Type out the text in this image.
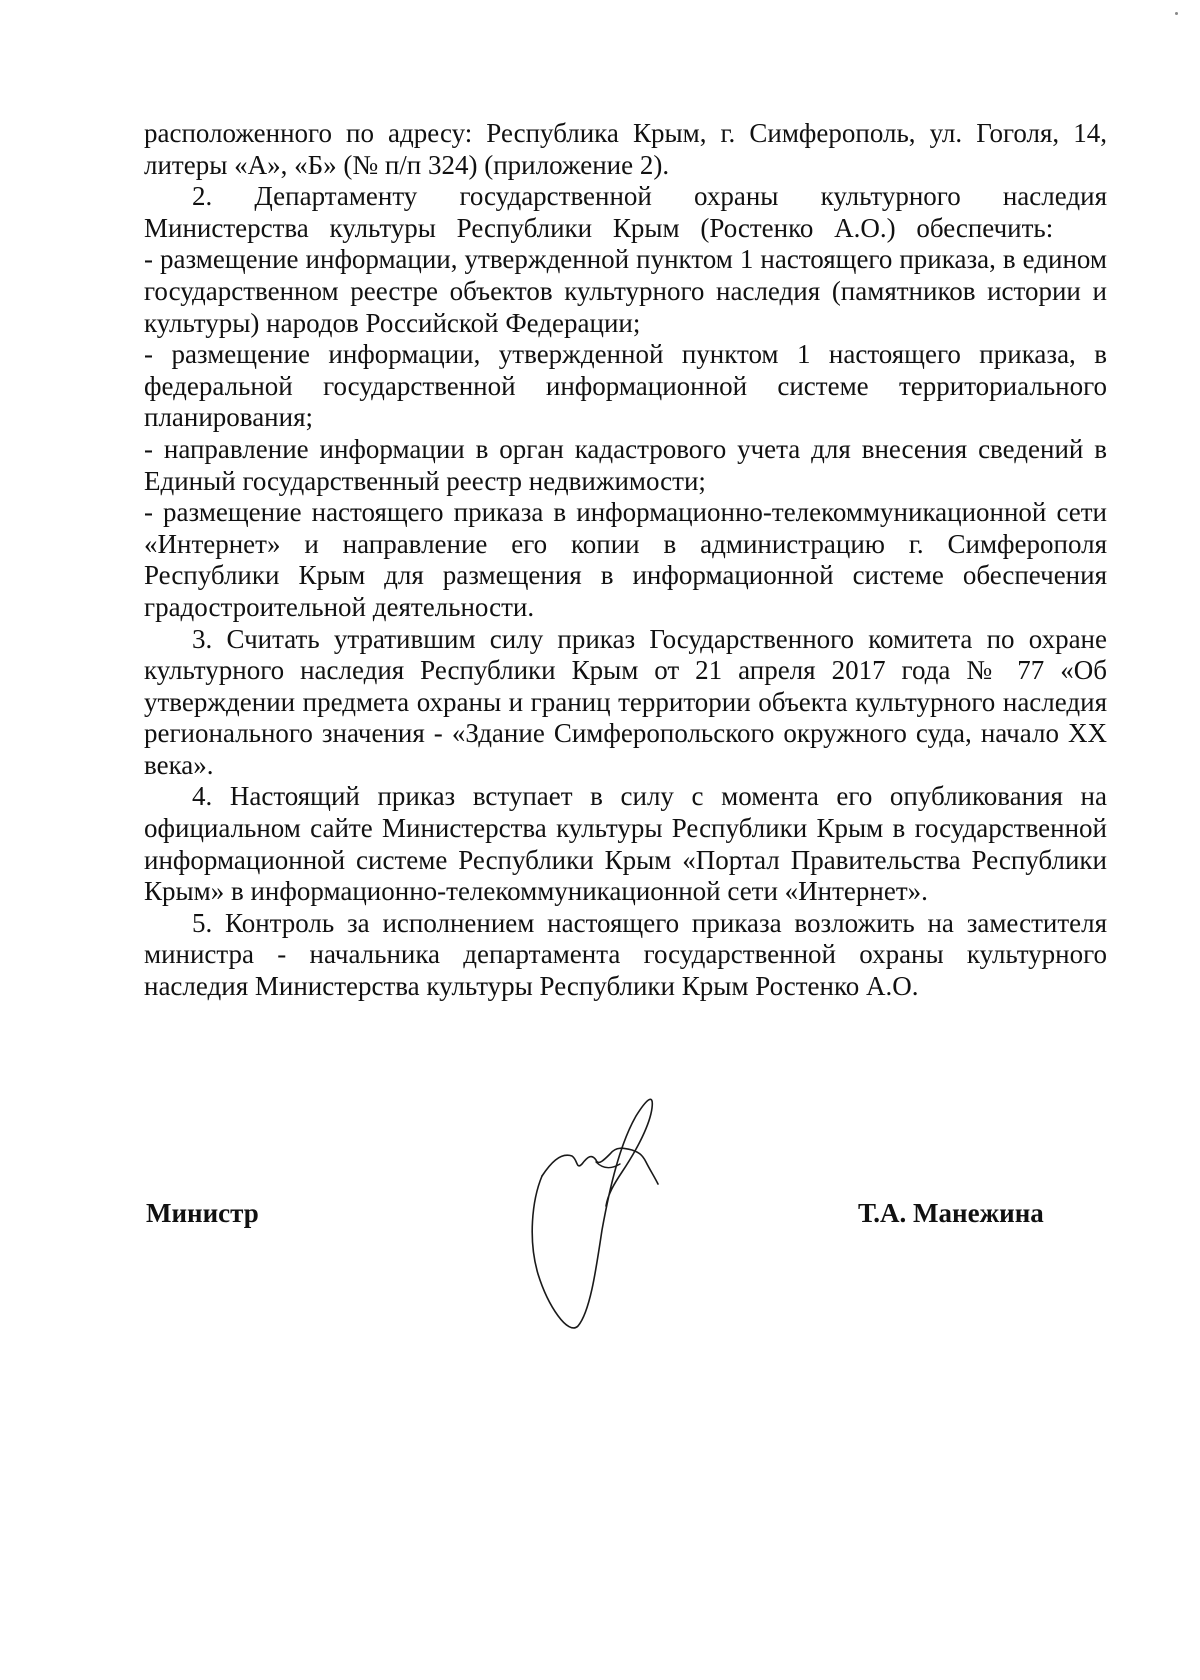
расположенного по адресу: Республика Крым, г. Симферополь, ул. Гоголя, 14, литеры «А», «Б» (№ п/п 324) (приложение 2).

2. Департаменту государственной охраны культурного наследия Министерства культуры Республики Крым (Ростенко А.О.) обеспечить:

- размещение информации, утвержденной пунктом 1 настоящего приказа, в едином государственном реестре объектов культурного наследия (памятников истории и культуры) народов Российской Федерации;

- размещение информации, утвержденной пунктом 1 настоящего приказа, в федеральной государственной информационной системе территориального планирования;

- направление информации в орган кадастрового учета для внесения сведений в Единый государственный реестр недвижимости;

- размещение настоящего приказа в информационно-телекоммуникационной сети «Интернет» и направление его копии в администрацию г. Симферополя Республики Крым для размещения в информационной системе обеспечения градостроительной деятельности.

3. Считать утратившим силу приказ Государственного комитета по охране культурного наследия Республики Крым от 21 апреля 2017 года № 77 «Об утверждении предмета охраны и границ территории объекта культурного наследия регионального значения - «Здание Симферопольского окружного суда, начало XX века».

4. Настоящий приказ вступает в силу с момента его опубликования на официальном сайте Министерства культуры Республики Крым в государственной информационной системе Республики Крым «Портал Правительства Республики Крым» в информационно-телекоммуникационной сети «Интернет».

5. Контроль за исполнением настоящего приказа возложить на заместителя министра - начальника департамента государственной охраны культурного наследия Министерства культуры Республики Крым Ростенко А.О.

Министр	Т.А. Манежина
